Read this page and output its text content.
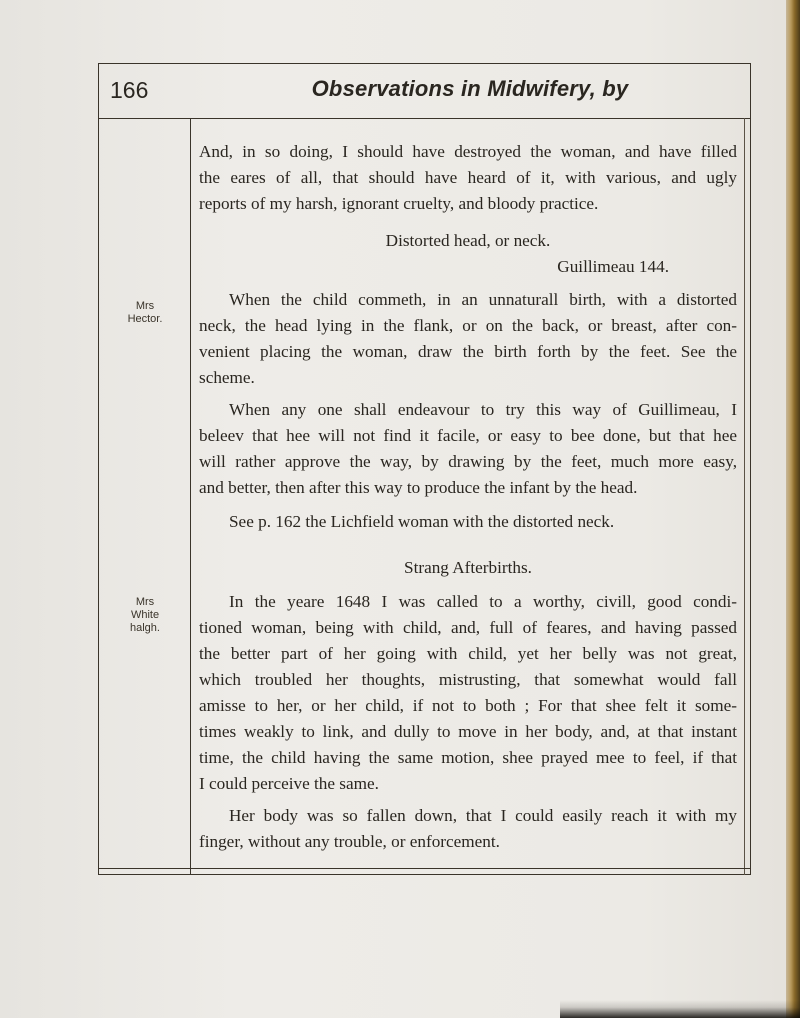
166	Observations in Midwifery, by
Mrs
Hector.
Mrs
White
halgh.
And, in so doing, I should have destroyed the woman, and have filled
the eares of all, that should have heard of it, with various, and ugly
reports of my harsh, ignorant cruelty, and bloody practice.
Distorted head, or neck.
Guillimeau 144.
When the child commeth, in an unnaturall birth, with a distorted
neck, the head lying in the flank, or on the back, or breast, after con-
venient placing the woman, draw the birth forth by the feet. See the
scheme.
When any one shall endeavour to try this way of Guillimeau, I
beleev that hee will not find it facile, or easy to bee done, but that hee
will rather approve the way, by drawing by the feet, much more easy,
and better, then after this way to produce the infant by the head.
See p. 162 the Lichfield woman with the distorted neck.
Strang Afterbirths.
In the yeare 1648 I was called to a worthy, civill, good condi-
tioned woman, being with child, and, full of feares, and having passed
the better part of her going with child, yet her belly was not great,
which troubled her thoughts, mistrusting, that somewhat would fall
amisse to her, or her child, if not to both ; For that shee felt it some-
times weakly to link, and dully to move in her body, and, at that instant
time, the child having the same motion, shee prayed mee to feel, if that
I could perceive the same.
Her body was so fallen down, that I could easily reach it with my
finger, without any trouble, or enforcement.
